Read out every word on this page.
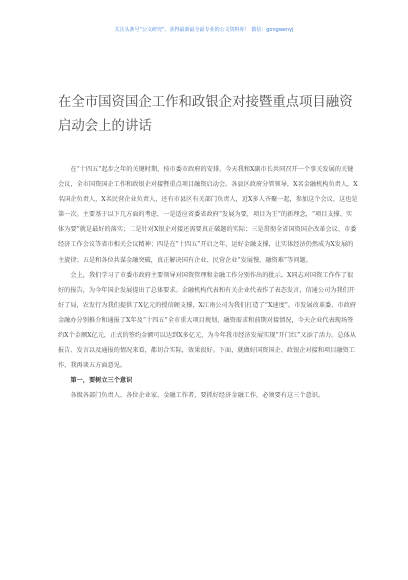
关注头条号“公文研究”，获得最新最全最专业的公文资料库！ 微信：gongwenyj
在全市国资国企工作和政银企对接暨重点项目融资启动会上的讲话

在“十四五”起步之年的关键时期，按市委市政府的安排，今天我和X副市长共同召开一个事关发展的关键会议，全市国资国企工作和政银企对接暨重点项目融资启动会。各县区政府分管领导，X名金融机构负责人，X名国企负责人，X名民营企业负责人，还有市县区有关部门负责人，近X多人齐聚一起，参加这个会议，这也是第一次。主要基于以下几方面的考虑，一是适应省委省政府“发展为要，项目为王”的新理念，“项目支撑、实体为要”就是最好的落实；二是针对X银企对接还需要真正破题的实际；三是贯彻全省国资国企改革会议、市委经济工作会议等省市相关会议精神；四是在“十四五”开启之年，运好金融支撑，让实体经济仍然成为X发展的主旋律；五是和各位共谋金融突破，真正解决国有企业、民营企业“发展慢、融资难”等问题。

会上，我们学习了市委市政府主要领导对国资管理和金融工作分别作出的批示。X同志对国资工作作了很好的报告，为今年国企发展提出了总体要求。金融机构代表和有关企业代表作了表态发言，信通公司为我们开好了局，农发行为我们提供了X亿元的授信硬支撑，X江南公司为我们打造了“X速度”。市发展改革委、市政府金融办分别推介和通报了X年及“十四五”全市重大项目规划、融资需求和前期对接情况，今天企业代表现场签约X个金额X亿元，正式的签约金额可以达到X多亿元，为今年我市经济发展实现“开门红”又添了活力。总体从报告、发言以及通报的情况来看，都切合实际，效果很好。下面，就做好国资国企、政银企对接和项目融资工作，我再谈五方面意见。

第一，要树立三个意识

各级各部门负责人、各位企业家、金融工作者，要抓好经济金融工作，必须要有这三个意识。
